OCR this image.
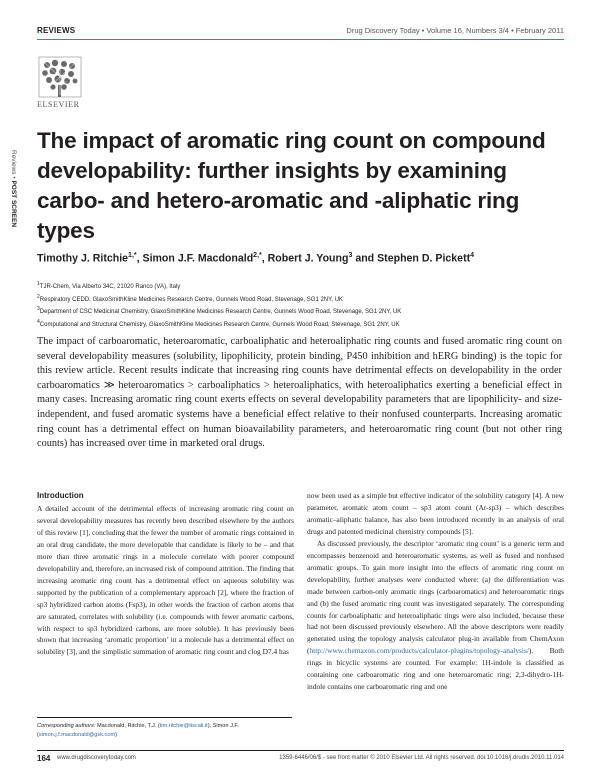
REVIEWS	Drug Discovery Today • Volume 16, Numbers 3/4 • February 2011
ELSEVIER
Reviews • POST SCREEN
The impact of aromatic ring count on compound developability: further insights by examining carbo- and hetero-aromatic and -aliphatic ring types
Timothy J. Ritchie$^{1,*}$, Simon J.F. Macdonald$^{2,*}$, Robert J. Young$^3$ and Stephen D. Pickett$^4$
$^1$TJR-Chem, Via Alberto 34C, 21020 Ranco (VA), Italy
$^2$Respiratory CEDD, GlaxoSmithKline Medicines Research Centre, Gunnels Wood Road, Stevenage, SG1 2NY, UK
$^3$Department of CSC Medicinal Chemistry, GlaxoSmithKline Medicines Research Centre, Gunnels Wood Road, Stevenage, SG1 2NY, UK
$^4$Computational and Structural Chemistry, GlaxoSmithKline Medicines Research Centre, Gunnels Wood Road, Stevenage, SG1 2NY, UK

The impact of carboaromatic, heteroaromatic, carboaliphatic and heteroaliphatic ring counts and fused aromatic ring count on several developability measures (solubility, lipophilicity, protein binding, P450 inhibition and hERG binding) is the topic for this review article. Recent results indicate that increasing ring counts have detrimental effects on developability in the order carboaromatics ≫ heteroaromatics > carboaliphatics > heteroaliphatics, with heteroaliphatics exerting a beneficial effect in many cases. Increasing aromatic ring count exerts effects on several developability parameters that are lipophilicity- and size-independent, and fused aromatic systems have a beneficial effect relative to their nonfused counterparts. Increasing aromatic ring count has a detrimental effect on human bioavailability parameters, and heteroaromatic ring count (but not other ring counts) has increased over time in marketed oral drugs.

Introduction

A detailed account of the detrimental effects of increasing aromatic ring count on several developability measures has recently been described elsewhere by the authors of this review [1], concluding that the fewer the number of aromatic rings contained in an oral drug candidate, the more developable that candidate is likely to be – and that more than three aromatic rings in a molecule correlate with poorer compound developability and, therefore, an increased risk of compound attrition. The finding that increasing aromatic ring count has a detrimental effect on aqueous solubility was supported by the publication of a complementary approach [2], where the fraction of sp3 hybridized carbon atoms (Fsp3), in other words the fraction of carbon atoms that are saturated, correlates with solubility (i.e. compounds with fewer aromatic carbons, with respect to sp3 hybridized carbons, are more soluble). It has previously been shown that increasing ‘aromatic proportion’ in a molecule has a detrimental effect on solubility [3], and the simplistic summation of aromatic ring count and clog D7.4 has

now been used as a simple but effective indicator of the solubility category [4]. A new parameter, aromatic atom count – sp3 atom count (Ar-sp3) – which describes aromatic–aliphatic balance, has also been introduced recently in an analysis of oral drugs and patented medicinal chemistry compounds [5].

As discussed previously, the descriptor ‘aromatic ring count’ is a generic term and encompasses benzenoid and heteroaromatic systems, as well as fused and nonfused aromatic groups. To gain more insight into the effects of aromatic ring count on developability, further analyses were conducted where: (a) the differentiation was made between carbon-only aromatic rings (carboaromatics) and heteroaromatic rings and (b) the fused aromatic ring count was investigated separately. The corresponding counts for carboaliphatic and heteroaliphatic rings were also included, because these had not been discussed previously elsewhere. All the above descriptors were readily generated using the topology analysis calculator plug-in available from ChemAxon (http://www.chemaxon.com/products/calculator-plugins/topology-analysis/). Both rings in bicyclic systems are counted. For example: 1H-indole is classified as containing one carboaromatic ring and one heteroaromatic ring; 2,3-dihydro-1H-indole contains one carboaromatic ring and one

Corresponding authors: Macdonald, Ritchie, T.J. (tim.ritchie@tiscali.it), Simon J.F. (simon.j.f.macdonald@gsk.com)
164 www.drugdiscoverytoday.com	1359-6446/06/$ - see front matter © 2010 Elsevier Ltd. All rights reserved. doi:10.1016/j.drudis.2010.11.014
